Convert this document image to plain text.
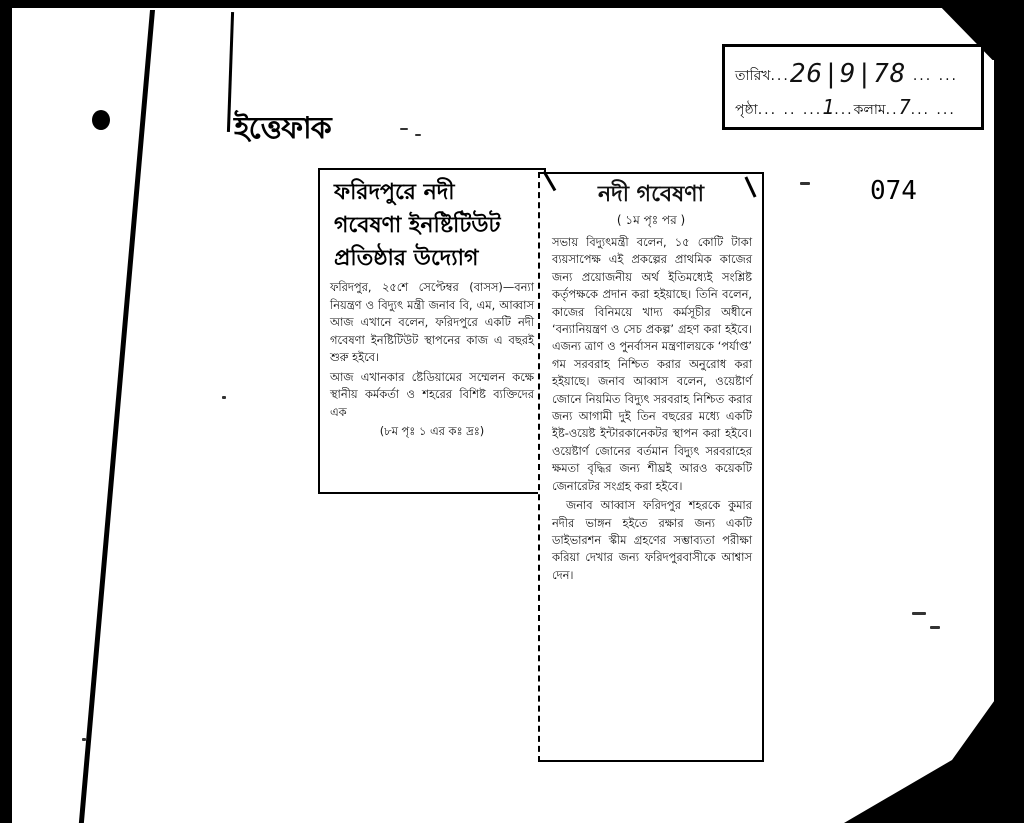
ইত্তেফাক
074
তারিখ...26|9|78 ... ...
পৃষ্ঠা... .. ...1...কলাম..7... ...
ফরিদপুরে নদী
গবেষণা ইনষ্টিটিউট
প্রতিষ্ঠার উদ্যোগ

ফরিদপুর, ২৫শে সেপ্টেম্বর (বাসস)—বন্যা নিয়ন্ত্রণ ও বিদ্যুৎ মন্ত্রী জনাব বি, এম, আব্বাস আজ এখানে বলেন, ফরিদপুরে একটি নদী গবেষণা ইনষ্টিটিউট স্থাপনের কাজ এ বছরই শুরু হইবে।

আজ এখানকার ষ্টেডিয়ামের সম্মেলন কক্ষে স্থানীয় কর্মকর্তা ও শহরের বিশিষ্ট ব্যক্তিদের এক

(৮ম পৃঃ ১ এর কঃ দ্রঃ)

নদী গবেষণা
( ১ম পৃঃ পর )

সভায় বিদ্যুৎমন্ত্রী বলেন, ১৫ কোটি টাকা ব্যয়সাপেক্ষ এই প্রকল্পের প্রাথমিক কাজের জন্য প্রয়োজনীয় অর্থ ইতিমধ্যেই সংশ্লিষ্ট কর্তৃপক্ষকে প্রদান করা হইয়াছে। তিনি বলেন, কাজের বিনিময়ে খাদ্য কর্মসূচীর অধীনে ‘বন্যানিয়ন্ত্রণ ও সেচ প্রকল্প’ গ্রহণ করা হইবে। এজন্য ত্রাণ ও পুনর্বাসন মন্ত্রণালয়কে ‘পর্যাপ্ত’ গম সরবরাহ নিশ্চিত করার অনুরোধ করা হইয়াছে। জনাব আব্বাস বলেন, ওয়েষ্টার্ণ জোনে নিয়মিত বিদ্যুৎ সরবরাহ নিশ্চিত করার জন্য আগামী দুই তিন বছরের মধ্যে একটি ইষ্ট-ওয়েষ্ট ইন্টারকানেকটর স্থাপন করা হইবে। ওয়েষ্টার্ণ জোনের বর্তমান বিদ্যুৎ সরবরাহের ক্ষমতা বৃদ্ধির জন্য শীঘ্রই আরও কয়েকটি জেনারেটর সংগ্রহ করা হইবে।

জনাব আব্বাস ফরিদপুর শহরকে কুমার নদীর ভাঙ্গন হইতে রক্ষার জন্য একটি ডাইভারশন স্কীম গ্রহণের সম্ভাব্যতা পরীক্ষা করিয়া দেখার জন্য ফরিদপুরবাসীকে আশ্বাস দেন।
